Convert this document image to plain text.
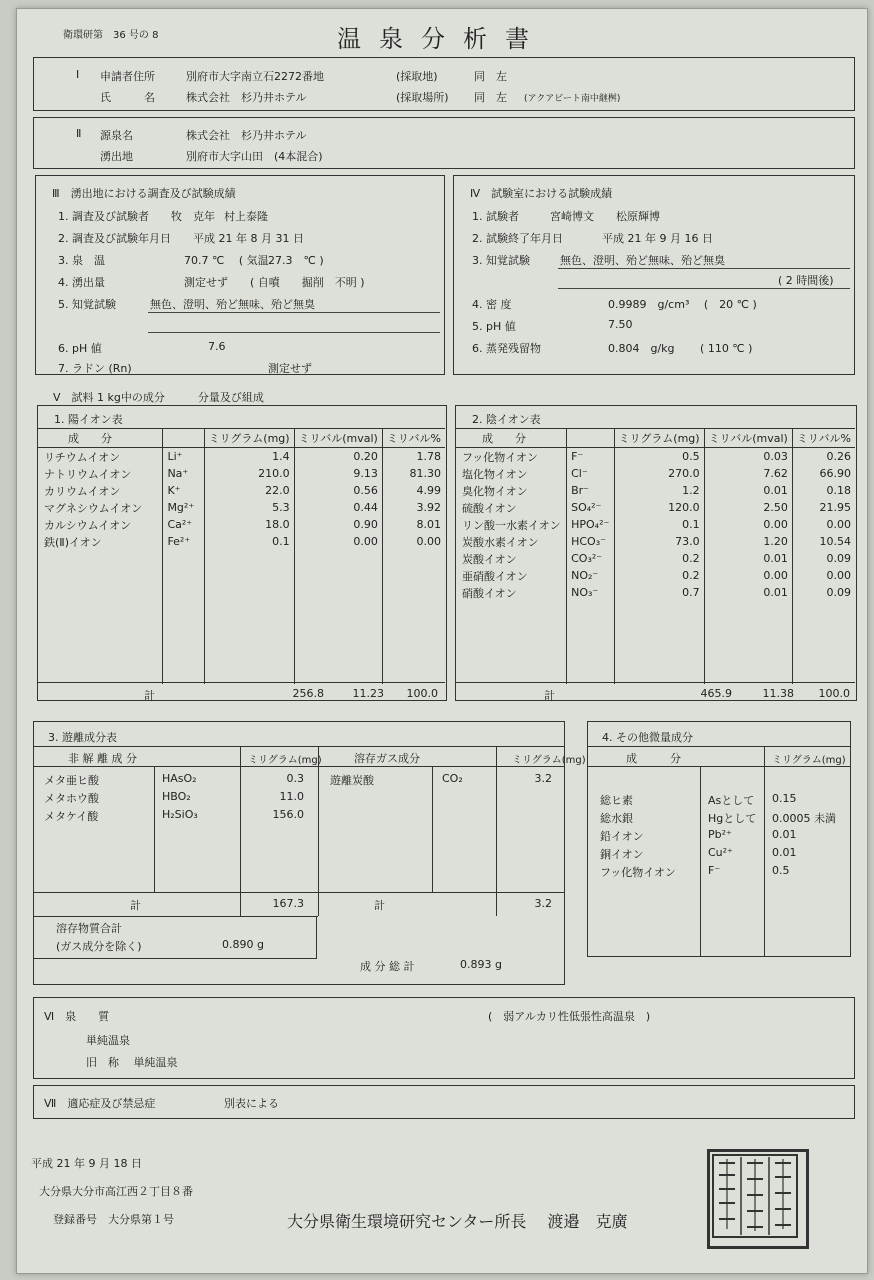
衛環研第　36 号の 8	温泉分析書
Ⅰ 申請者住所	別府市大字南立石2272番地	(採取地)	同　左
氏　　　名	株式会社　杉乃井ホテル	(採取場所) 同　左 (アクアビート南中継桝)
Ⅱ 源泉名	株式会社　杉乃井ホテル
湧出地	別府市大字山田　(4本混合)
Ⅲ　湧出地における調査及び試験成績
1. 調査及び試験者　　牧　克年 村上泰隆
2. 調査及び試験年月日　　平成 21 年 8 月 31 日
3. 泉　温	70.7 ℃　 ( 気温 27.3　℃ )
4. 湧出量	測定せず　　( 自噴　　掘削　不明 )
5. 知覚試験	無色、澄明、殆ど無味、殆ど無臭
6. pH 値	7.6
7. ラドン (Rn)	測定せず
Ⅳ　試験室における試験成績
1. 試験者	宮崎博文　　松原輝博
2. 試験終了年月日	平成 21 年 9 月 16 日
3. 知覚試験	無色、澄明、殆ど無味、殆ど無臭
( 2 時間後)
4. 密 度	0.9989　g/cm³　 (　20 ℃ )
5. pH 値	7.50
6. 蒸発残留物	0.804　g/kg　　 ( 110 ℃ )
Ⅴ　試料 1 kg中の成分　　　分量及び組成
1. 陽イオン表
成　　分		ミリグラム(mg)	ミリバル(mval)	ミリバル%
リチウムイオン	Li⁺	1.4	0.20	1.78
ナトリウムイオン	Na⁺	210.0	9.13	81.30
カリウムイオン	K⁺	22.0	0.56	4.99
マグネシウムイオン	Mg²⁺	5.3	0.44	3.92
カルシウムイオン	Ca²⁺	18.0	0.90	8.01
鉄(Ⅱ)イオン	Fe²⁺	0.1	0.00	0.00

計	256.8	11.23	100.0
2. 陰イオン表
成　　分		ミリグラム(mg)	ミリバル(mval)	ミリバル%
フッ化物イオン	F⁻	0.5	0.03	0.26
塩化物イオン	Cl⁻	270.0	7.62	66.90
臭化物イオン	Br⁻	1.2	0.01	0.18
硫酸イオン	SO₄²⁻	120.0	2.50	21.95
リン酸一水素イオン	HPO₄²⁻	0.1	0.00	0.00
炭酸水素イオン	HCO₃⁻	73.0	1.20	10.54
炭酸イオン	CO₃²⁻	0.2	0.01	0.09
亜硝酸イオン	NO₂⁻	0.2	0.00	0.00
硝酸イオン	NO₃⁻	0.7	0.01	0.09

計	465.9	11.38	100.0
3. 遊離成分表
非 解 離 成 分	ミリグラム(mg)	溶存ガス成分	ミリグラム(mg)
メタ亜ヒ酸	HAsO₂	0.3
メタホウ酸	HBO₂	11.0
メタケイ酸	H₂SiO₃	156.0
遊離炭酸	CO₂	3.2
計	167.3	計	3.2
溶存物質合計
(ガス成分を除く)	0.890 g
成 分 総 計	0.893 g
4. その他微量成分
成　　　分	ミリグラム(mg)
総ヒ素	Asとして 0.15
総水銀	Hgとして 0.0005 未満
鉛イオン	Pb²⁺	0.01
銅イオン	Cu²⁺	0.01
フッ化物イオン	F⁻	0.5
Ⅵ　泉　　質	(　弱アルカリ性低張性高温泉　)
単純温泉
旧　称　 単純温泉
Ⅶ　適応症及び禁忌症	別表による
平成 21 年 9 月 18 日
大分県大分市高江西２丁目８番
登録番号　大分県第１号	大分県衛生環境研究センター所長　 渡邉　克廣
